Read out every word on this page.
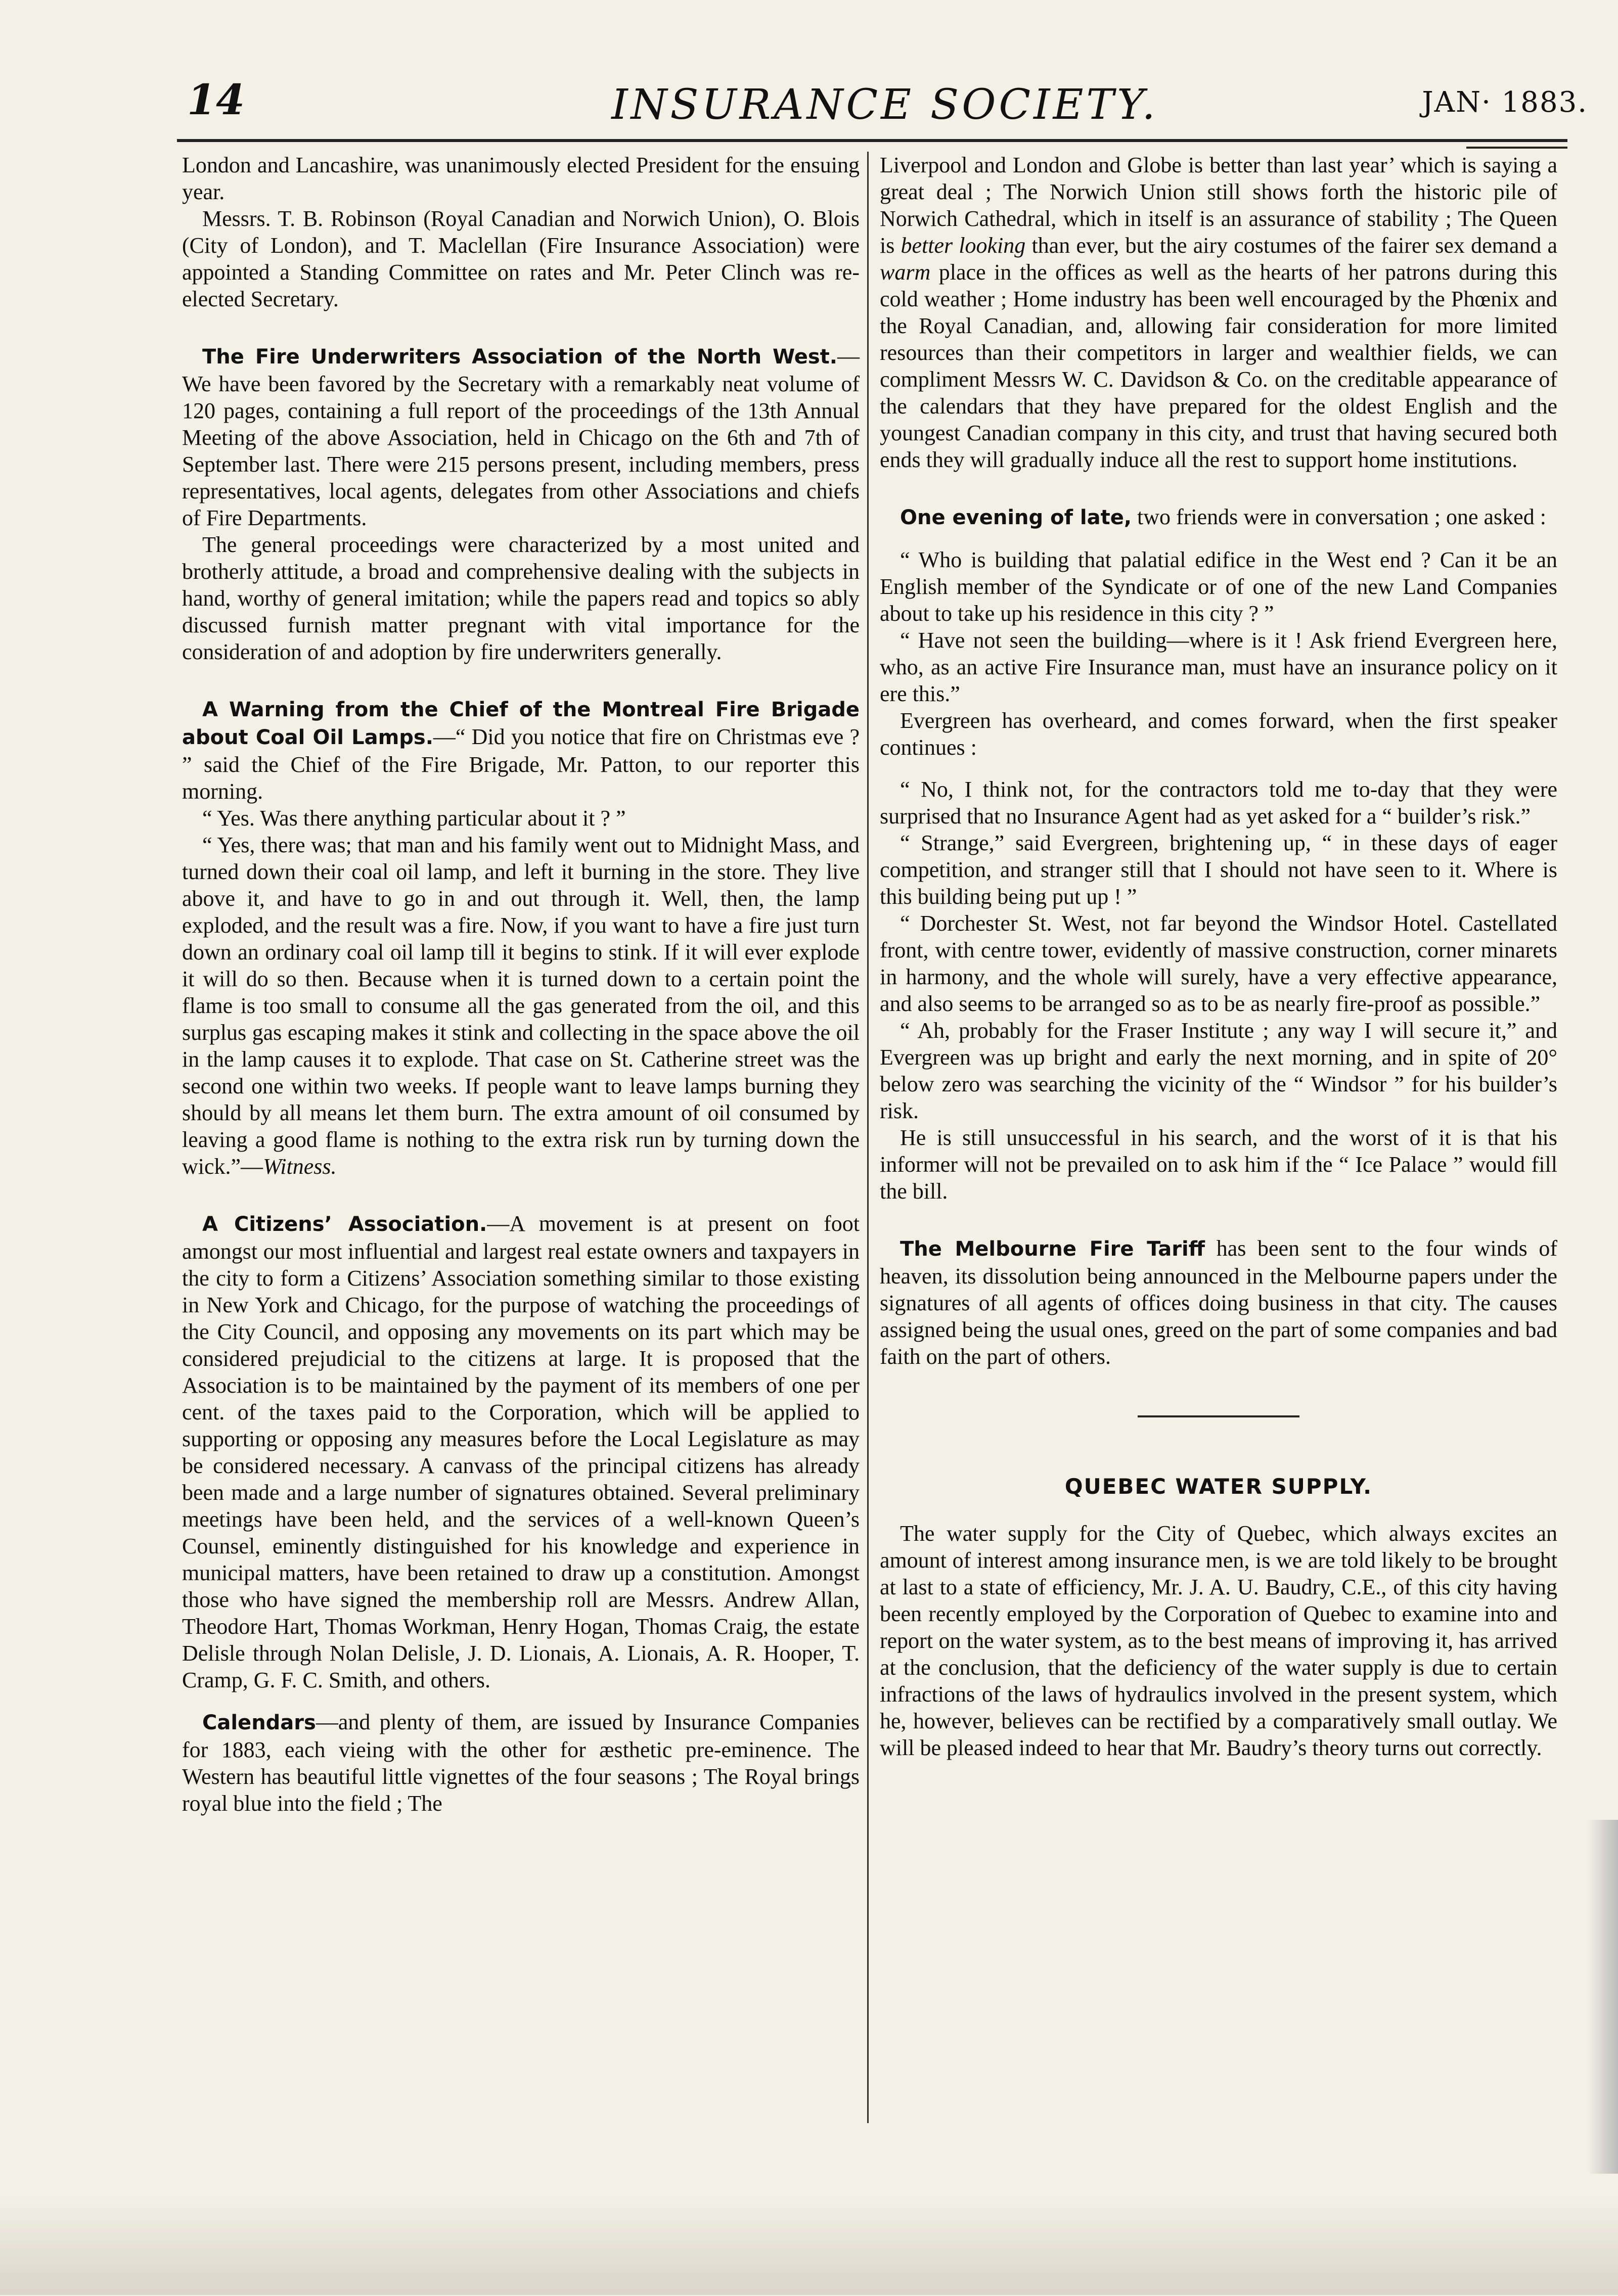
14	INSURANCE SOCIETY.	JAN· 1883.

London and Lancashire, was unanimously elected President for the ensuing year.

Messrs. T. B. Robinson (Royal Canadian and Norwich Union), O. Blois (City of London), and T. Maclellan (Fire Insurance Association) were appointed a Standing Committee on rates and Mr. Peter Clinch was re-elected Secretary.

The Fire Underwriters Association of the North West.—We have been favored by the Secretary with a remarkably neat volume of 120 pages, containing a full report of the proceedings of the 13th Annual Meeting of the above Association, held in Chicago on the 6th and 7th of September last. There were 215 persons present, including members, press representatives, local agents, delegates from other Associations and chiefs of Fire Departments.

The general proceedings were characterized by a most united and brotherly attitude, a broad and comprehensive dealing with the subjects in hand, worthy of general imitation; while the papers read and topics so ably discussed furnish matter pregnant with vital importance for the consideration of and adoption by fire underwriters generally.

A Warning from the Chief of the Montreal Fire Brigade about Coal Oil Lamps.—“ Did you notice that fire on Christmas eve ? ” said the Chief of the Fire Brigade, Mr. Patton, to our reporter this morning.

“ Yes. Was there anything particular about it ? ”

“ Yes, there was; that man and his family went out to Midnight Mass, and turned down their coal oil lamp, and left it burning in the store. They live above it, and have to go in and out through it. Well, then, the lamp exploded, and the result was a fire. Now, if you want to have a fire just turn down an ordinary coal oil lamp till it begins to stink. If it will ever explode it will do so then. Because when it is turned down to a certain point the flame is too small to consume all the gas generated from the oil, and this surplus gas escaping makes it stink and collecting in the space above the oil in the lamp causes it to explode. That case on St. Catherine street was the second one within two weeks. If people want to leave lamps burning they should by all means let them burn. The extra amount of oil consumed by leaving a good flame is nothing to the extra risk run by turning down the wick.”—Witness.

A Citizens’ Association.—A movement is at present on foot amongst our most influential and largest real estate owners and taxpayers in the city to form a Citizens’ Association something similar to those existing in New York and Chicago, for the purpose of watching the proceedings of the City Council, and opposing any movements on its part which may be considered prejudicial to the citizens at large. It is proposed that the Association is to be maintained by the payment of its members of one per cent. of the taxes paid to the Corporation, which will be applied to supporting or opposing any measures before the Local Legislature as may be considered necessary. A canvass of the principal citizens has already been made and a large number of signatures obtained. Several preliminary meetings have been held, and the services of a well-known Queen’s Counsel, eminently distinguished for his knowledge and experience in municipal matters, have been retained to draw up a constitution. Amongst those who have signed the membership roll are Messrs. Andrew Allan, Theodore Hart, Thomas Workman, Henry Hogan, Thomas Craig, the estate Delisle through Nolan Delisle, J. D. Lionais, A. Lionais, A. R. Hooper, T. Cramp, G. F. C. Smith, and others.

Calendars—and plenty of them, are issued by Insurance Companies for 1883, each vieing with the other for æsthetic pre-eminence. The Western has beautiful little vignettes of the four seasons ; The Royal brings royal blue into the field ; The

Liverpool and London and Globe is better than last year’ which is saying a great deal ; The Norwich Union still shows forth the historic pile of Norwich Cathedral, which in itself is an assurance of stability ; The Queen is better looking than ever, but the airy costumes of the fairer sex demand a warm place in the offices as well as the hearts of her patrons during this cold weather ; Home industry has been well encouraged by the Phœnix and the Royal Canadian, and, allowing fair consideration for more limited resources than their competitors in larger and wealthier fields, we can compliment Messrs W. C. Davidson & Co. on the creditable appearance of the calendars that they have prepared for the oldest English and the youngest Canadian company in this city, and trust that having secured both ends they will gradually induce all the rest to support home institutions.

One evening of late, two friends were in conversation ; one asked :

“ Who is building that palatial edifice in the West end ? Can it be an English member of the Syndicate or of one of the new Land Companies about to take up his residence in this city ? ”

“ Have not seen the building—where is it ! Ask friend Evergreen here, who, as an active Fire Insurance man, must have an insurance policy on it ere this.”

Evergreen has overheard, and comes forward, when the first speaker continues :

“ No, I think not, for the contractors told me to-day that they were surprised that no Insurance Agent had as yet asked for a “ builder’s risk.”

“ Strange,” said Evergreen, brightening up, “ in these days of eager competition, and stranger still that I should not have seen to it. Where is this building being put up ! ”

“ Dorchester St. West, not far beyond the Windsor Hotel. Castellated front, with centre tower, evidently of massive construction, corner minarets in harmony, and the whole will surely, have a very effective appearance, and also seems to be arranged so as to be as nearly fire-proof as possible.”

“ Ah, probably for the Fraser Institute ; any way I will secure it,” and Evergreen was up bright and early the next morning, and in spite of 20° below zero was searching the vicinity of the “ Windsor ” for his builder’s risk.

He is still unsuccessful in his search, and the worst of it is that his informer will not be prevailed on to ask him if the “ Ice Palace ” would fill the bill.

The Melbourne Fire Tariff has been sent to the four winds of heaven, its dissolution being announced in the Melbourne papers under the signatures of all agents of offices doing business in that city. The causes assigned being the usual ones, greed on the part of some companies and bad faith on the part of others.

QUEBEC WATER SUPPLY.

The water supply for the City of Quebec, which always excites an amount of interest among insurance men, is we are told likely to be brought at last to a state of efficiency, Mr. J. A. U. Baudry, C.E., of this city having been recently employed by the Corporation of Quebec to examine into and report on the water system, as to the best means of improving it, has arrived at the conclusion, that the deficiency of the water supply is due to certain infractions of the laws of hydraulics involved in the present system, which he, however, believes can be rectified by a comparatively small outlay. We will be pleased indeed to hear that Mr. Baudry’s theory turns out correctly.
